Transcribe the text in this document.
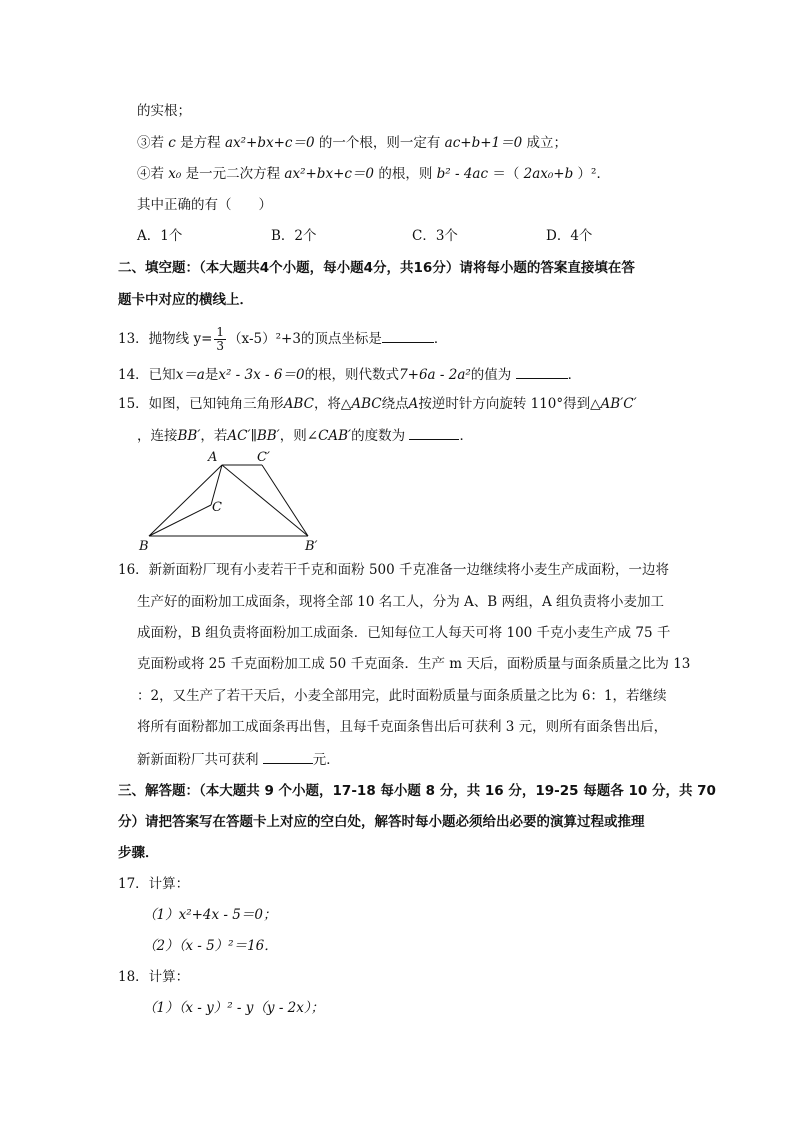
的实根；
③若 c 是方程 ax²+bx+c＝0 的一个根，则一定有 ac+b+1＝0 成立；
④若 x₀ 是一元二次方程 ax²+bx+c＝0 的根，则 b² - 4ac ＝（ 2ax₀+b ）²．
其中正确的有（　　）
A．1个	B．2个	C．3个	D．4个
二、填空题：（本大题共4个小题，每小题4分，共16分）请将每小题的答案直接填在答
题卡中对应的横线上．
13．抛物线 $y= \frac{1}{3} (x-5)^2+3$的顶点坐标是	．
14．已知x＝a是x² - 3x - 6＝0的根，则代数式7+6a - 2a²的值为	．
15．如图，已知钝角三角形ABC，将△ABC绕点A按逆时针方向旋转 110°得到△AB′C′
，连接BB′，若AC′∥BB′，则∠CAB′的度数为	．
A	C′
C
B	B′
16．新新面粉厂现有小麦若干千克和面粉 500 千克准备一边继续将小麦生产成面粉，一边将
生产好的面粉加工成面条，现将全部 10 名工人，分为 A、B 两组，A 组负责将小麦加工
成面粉，B 组负责将面粉加工成面条．已知每位工人每天可将 100 千克小麦生产成 75 千
克面粉或将 25 千克面粉加工成 50 千克面条．生产 m 天后，面粉质量与面条质量之比为 13
：2，又生产了若干天后，小麦全部用完，此时面粉质量与面条质量之比为 6：1，若继续
将所有面粉都加工成面条再出售，且每千克面条售出后可获利 3 元，则所有面条售出后，
新新面粉厂共可获利	元．
三、解答题：（本大题共 9 个小题，17-18 每小题 8 分，共 16 分，19-25 每题各 10 分，共 70
分）请把答案写在答题卡上对应的空白处，解答时每小题必须给出必要的演算过程或推理
步骤．
17．计算：
（1）x²+4x - 5＝0；
（2）（x - 5）²＝16．
18．计算：
（1）（x - y）² - y（y - 2x）；
